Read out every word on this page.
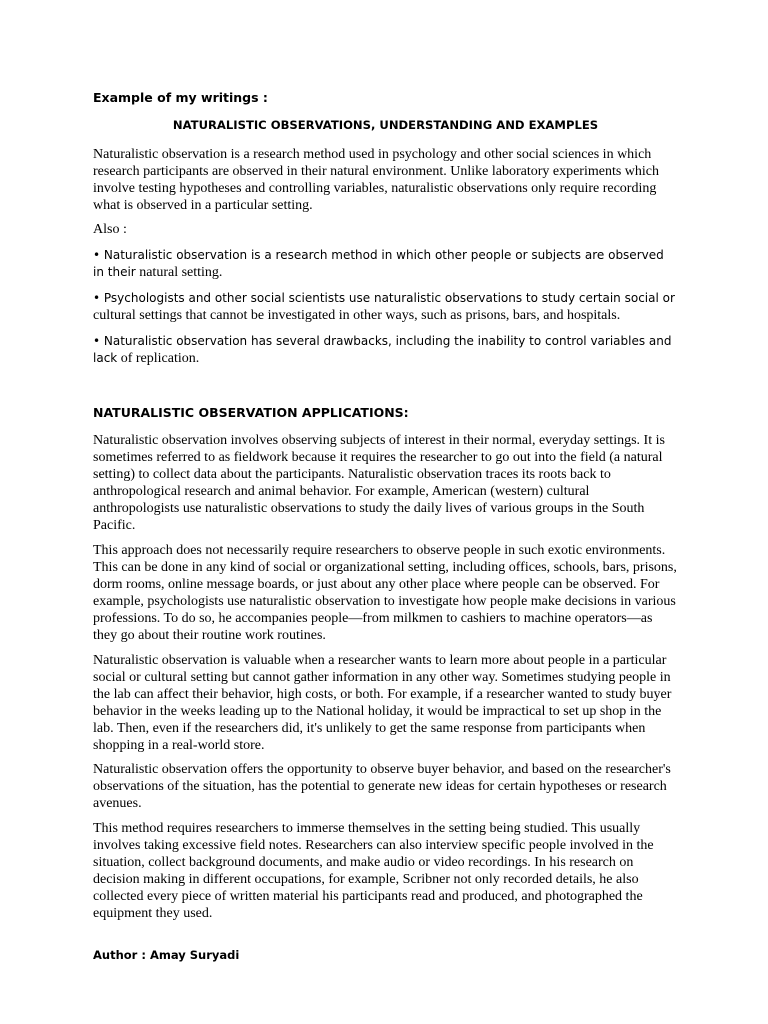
Example of my writings :

NATURALISTIC OBSERVATIONS, UNDERSTANDING AND EXAMPLES

Naturalistic observation is a research method used in psychology and other social sciences in which research participants are observed in their natural environment. Unlike laboratory experiments which involve testing hypotheses and controlling variables, naturalistic observations only require recording what is observed in a particular setting.

Also :

• Naturalistic observation is a research method in which other people or subjects are observed in their natural setting.

• Psychologists and other social scientists use naturalistic observations to study certain social or cultural settings that cannot be investigated in other ways, such as prisons, bars, and hospitals.

• Naturalistic observation has several drawbacks, including the inability to control variables and lack of replication.

NATURALISTIC OBSERVATION APPLICATIONS:

Naturalistic observation involves observing subjects of interest in their normal, everyday settings. It is sometimes referred to as fieldwork because it requires the researcher to go out into the field (a natural setting) to collect data about the participants. Naturalistic observation traces its roots back to anthropological research and animal behavior. For example, American (western) cultural anthropologists use naturalistic observations to study the daily lives of various groups in the South Pacific.

This approach does not necessarily require researchers to observe people in such exotic environments. This can be done in any kind of social or organizational setting, including offices, schools, bars, prisons, dorm rooms, online message boards, or just about any other place where people can be observed. For example, psychologists use naturalistic observation to investigate how people make decisions in various professions. To do so, he accompanies people—from milkmen to cashiers to machine operators—as they go about their routine work routines.

Naturalistic observation is valuable when a researcher wants to learn more about people in a particular social or cultural setting but cannot gather information in any other way. Sometimes studying people in the lab can affect their behavior, high costs, or both. For example, if a researcher wanted to study buyer behavior in the weeks leading up to the National holiday, it would be impractical to set up shop in the lab. Then, even if the researchers did, it's unlikely to get the same response from participants when shopping in a real-world store.

Naturalistic observation offers the opportunity to observe buyer behavior, and based on the researcher's observations of the situation, has the potential to generate new ideas for certain hypotheses or research avenues.

This method requires researchers to immerse themselves in the setting being studied. This usually involves taking excessive field notes. Researchers can also interview specific people involved in the situation, collect background documents, and make audio or video recordings. In his research on decision making in different occupations, for example, Scribner not only recorded details, he also collected every piece of written material his participants read and produced, and photographed the equipment they used.

Author : Amay Suryadi
